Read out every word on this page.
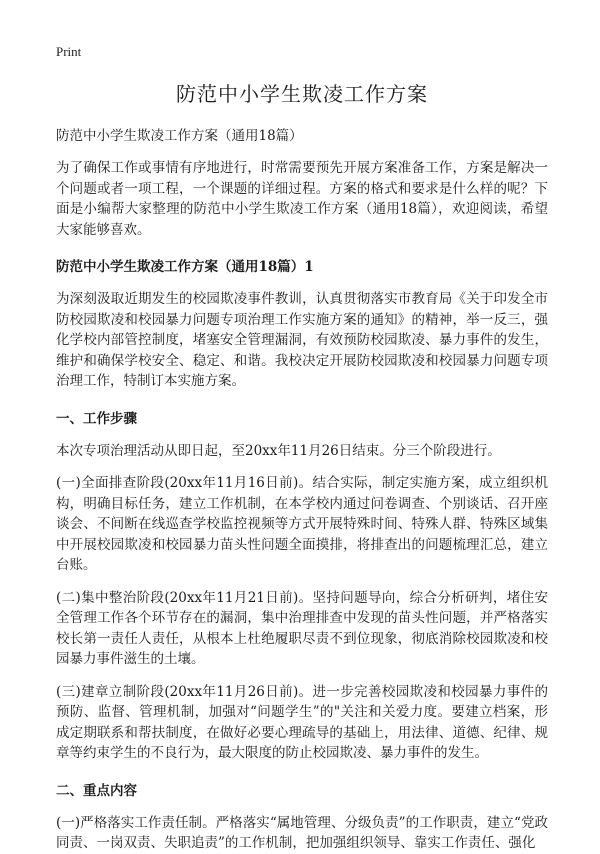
Print
防范中小学生欺凌工作方案
防范中小学生欺凌工作方案（通用18篇）
为了确保工作或事情有序地进行，时常需要预先开展方案准备工作，方案是解决一个问题或者一项工程，一个课题的详细过程。方案的格式和要求是什么样的呢？下面是小编帮大家整理的防范中小学生欺凌工作方案（通用18篇），欢迎阅读，希望大家能够喜欢。
防范中小学生欺凌工作方案（通用18篇）1
为深刻汲取近期发生的校园欺凌事件教训，认真贯彻落实市教育局《关于印发全市防校园欺凌和校园暴力问题专项治理工作实施方案的通知》的精神，举一反三，强化学校内部管控制度，堵塞安全管理漏洞，有效预防校园欺凌、暴力事件的发生，维护和确保学校安全、稳定、和谐。我校决定开展防校园欺凌和校园暴力问题专项治理工作，特制订本实施方案。
一、工作步骤
本次专项治理活动从即日起，至20xx年11月26日结束。分三个阶段进行。
(一)全面排查阶段(20xx年11月16日前)。结合实际，制定实施方案，成立组织机构，明确目标任务，建立工作机制，在本学校内通过问卷调查、个别谈话、召开座谈会、不间断在线巡查学校监控视频等方式开展特殊时间、特殊人群、特殊区域集中开展校园欺凌和校园暴力苗头性问题全面摸排，将排查出的问题梳理汇总，建立台账。
(二)集中整治阶段(20xx年11月21日前)。坚持问题导向，综合分析研判，堵住安全管理工作各个环节存在的漏洞，集中治理排查中发现的苗头性问题，并严格落实校长第一责任人责任，从根本上杜绝履职尽责不到位现象，彻底消除校园欺凌和校园暴力事件滋生的土壤。
(三)建章立制阶段(20xx年11月26日前)。进一步完善校园欺凌和校园暴力事件的预防、监督、管理机制，加强对“问题学生”的"关注和关爱力度。要建立档案，形成定期联系和帮扶制度，在做好必要心理疏导的基础上，用法律、道德、纪律、规章等约束学生的不良行为，最大限度的防止校园欺凌、暴力事件的发生。
二、重点内容
(一)严格落实工作责任制。严格落实“属地管理、分级负责”的工作职责，建立“党政同责、一岗双责、失职追责”的工作机制，把加强组织领导、靠实工作责任、强化
